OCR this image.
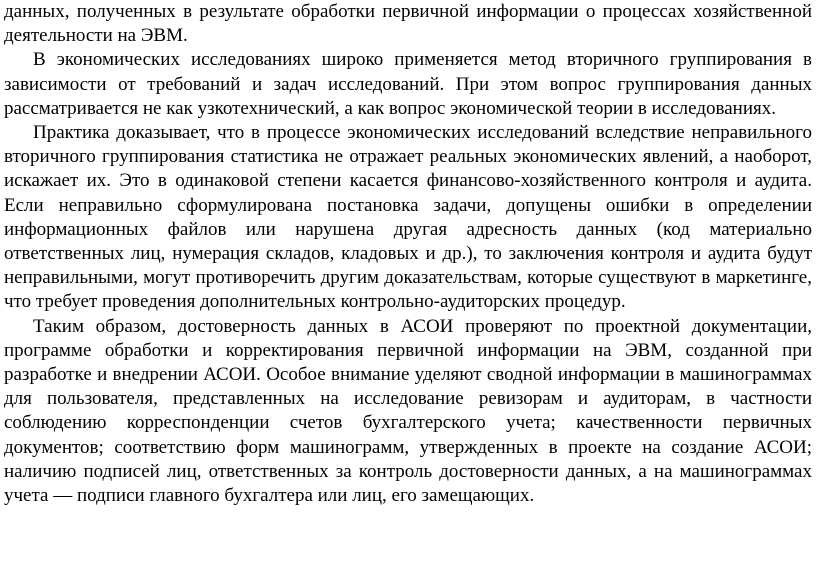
данных, полученных в результате обработки первичной информации о процессах хозяйственной деятельности на ЭВМ.

В экономических исследованиях широко применяется метод вторичного группирования в зависимости от требований и задач исследований. При этом вопрос группирования данных рассматривается не как узкотехнический, а как вопрос экономической теории в исследованиях.

Практика доказывает, что в процессе экономических исследований вследствие неправильного вторичного группирования статистика не отражает реальных экономических явлений, а наоборот, искажает их. Это в одинаковой степени касается финансово-хозяйственного контроля и аудита. Если неправильно сформулирована постановка задачи, допущены ошибки в определении информационных файлов или нарушена другая адресность данных (код материально ответственных лиц, нумерация складов, кладовых и др.), то заключения контроля и аудита будут неправильными, могут противоречить другим доказательствам, которые существуют в маркетинге, что требует проведения дополнительных контрольно-аудиторских процедур.

Таким образом, достоверность данных в АСОИ проверяют по проектной документации, программе обработки и корректирования первичной информации на ЭВМ, созданной при разработке и внедрении АСОИ. Особое внимание уделяют сводной информации в машинограммах для пользователя, представленных на исследование ревизорам и аудиторам, в частности соблюдению корреспонденции счетов бухгалтерского учета; качественности первичных документов; соответствию форм машинограмм, утвержденных в проекте на создание АСОИ; наличию подписей лиц, ответственных за контроль достоверности данных, а на машинограммах учета — подписи главного бухгалтера или лиц, его замещающих.
